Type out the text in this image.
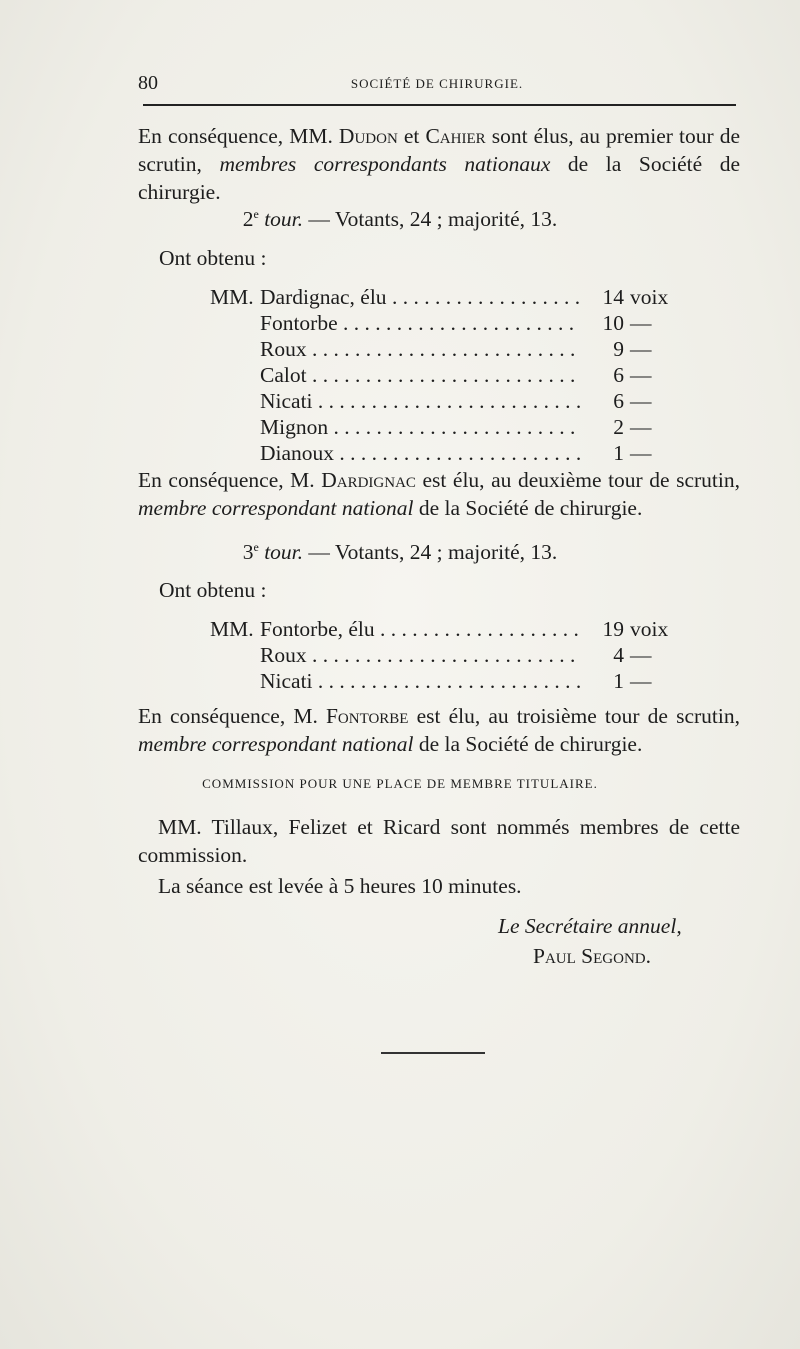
80	SOCIÉTÉ DE CHIRURGIE.

En conséquence, MM. Dudon et Cahier sont élus, au premier tour de scrutin, membres correspondants nationaux de la Société de chirurgie.

2e tour. — Votants, 24 ; majorité, 13.
Ont obtenu :
MM. Dardignac, élu . . .	14 voix
Fontorbe . . .	10 —
Roux . . .	9 —
Calot . . .	6 —
Nicati . . .	6 —
Mignon . . .	2 —
Dianoux . . .	1 —

En conséquence, M. Dardignac est élu, au deuxième tour de scrutin, membre correspondant national de la Société de chirurgie.

3e tour. — Votants, 24 ; majorité, 13.
Ont obtenu :
MM. Fontorbe, élu . . .	19 voix
Roux . . .	4 —
Nicati . . .	1 —

En conséquence, M. Fontorbe est élu, au troisième tour de scrutin, membre correspondant national de la Société de chirurgie.

COMMISSION POUR UNE PLACE DE MEMBRE TITULAIRE.

MM. Tillaux, Felizet et Ricard sont nommés membres de cette commission.

La séance est levée à 5 heures 10 minutes.

Le Secrétaire annuel,
Paul Segond.
